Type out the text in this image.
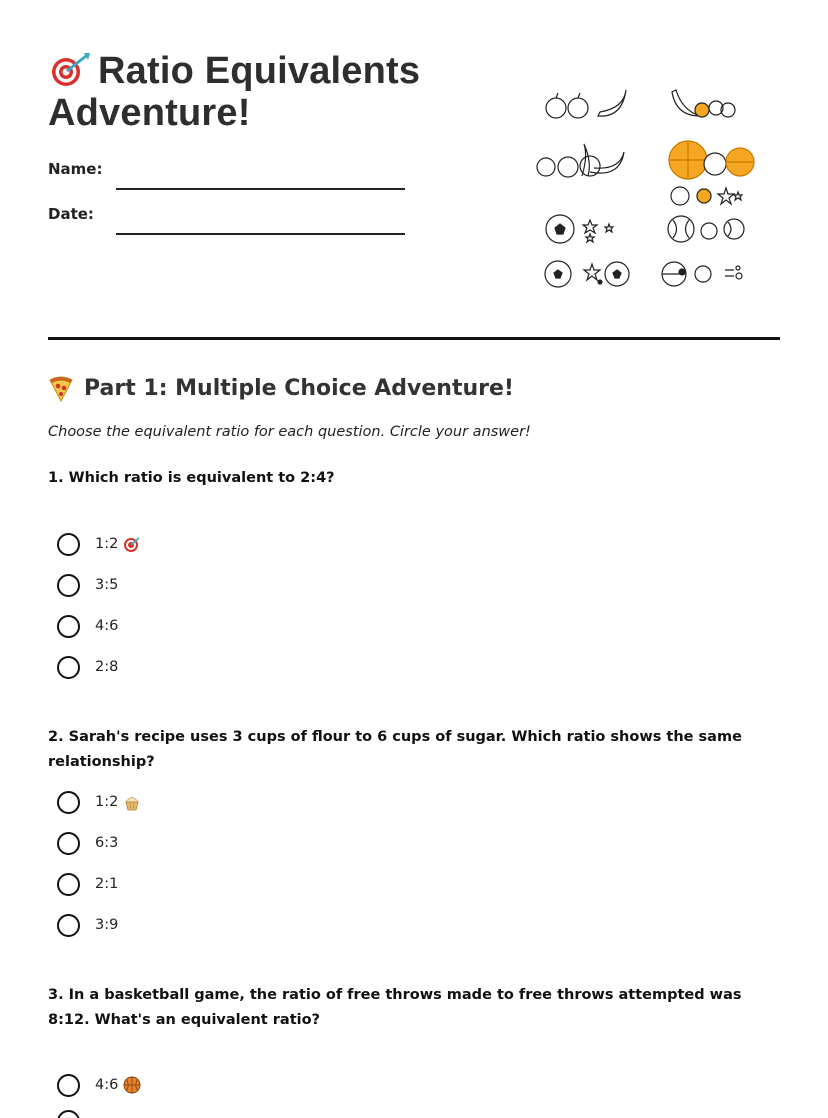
Ratio Equivalents Adventure!
Name:
Date:
Part 1: Multiple Choice Adventure!
Choose the equivalent ratio for each question. Circle your answer!
1. Which ratio is equivalent to 2:4?
1:2
3:5
4:6
2:8
2. Sarah's recipe uses 3 cups of flour to 6 cups of sugar. Which ratio shows the same relationship?
1:2
6:3
2:1
3:9
3. In a basketball game, the ratio of free throws made to free throws attempted was 8:12. What's an equivalent ratio?
4:6
